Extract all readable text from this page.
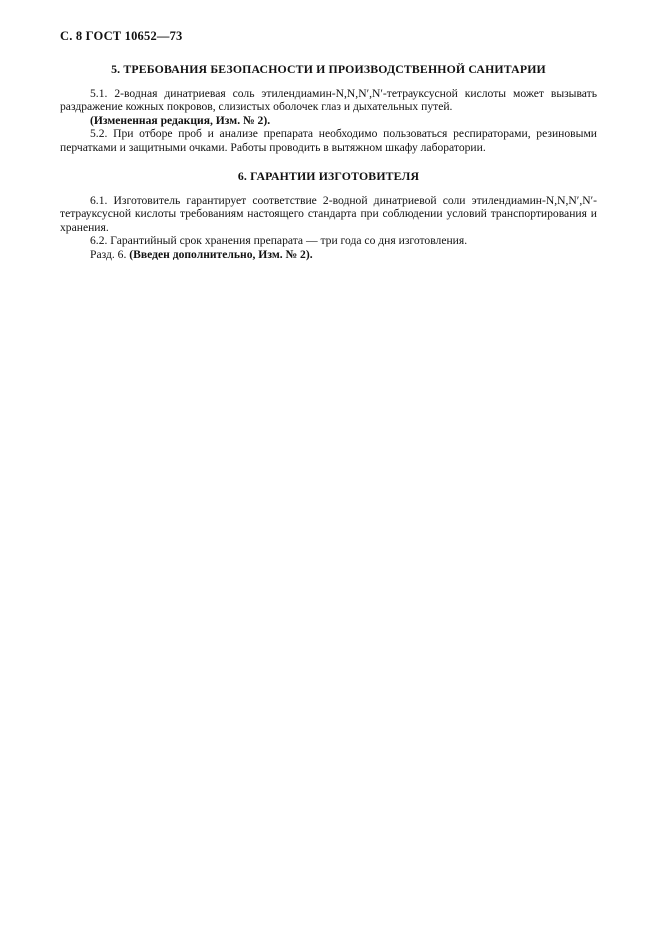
С. 8 ГОСТ 10652—73
5. ТРЕБОВАНИЯ БЕЗОПАСНОСТИ И ПРОИЗВОДСТВЕННОЙ САНИТАРИИ

5.1. 2-водная динатриевая соль этилендиамин-N,N,N′,N′-тетрауксусной кислоты может вызывать раздражение кожных покровов, слизистых оболочек глаз и дыхательных путей.

(Измененная редакция, Изм. № 2).

5.2. При отборе проб и анализе препарата необходимо пользоваться респираторами, резиновыми перчатками и защитными очками. Работы проводить в вытяжном шкафу лаборатории.

6. ГАРАНТИИ ИЗГОТОВИТЕЛЯ

6.1. Изготовитель гарантирует соответствие 2-водной динатриевой соли этилендиамин-N,N,N′,N′-тетрауксусной кислоты требованиям настоящего стандарта при соблюдении условий транспортирования и хранения.

6.2. Гарантийный срок хранения препарата — три года со дня изготовления.

Разд. 6. (Введен дополнительно, Изм. № 2).
